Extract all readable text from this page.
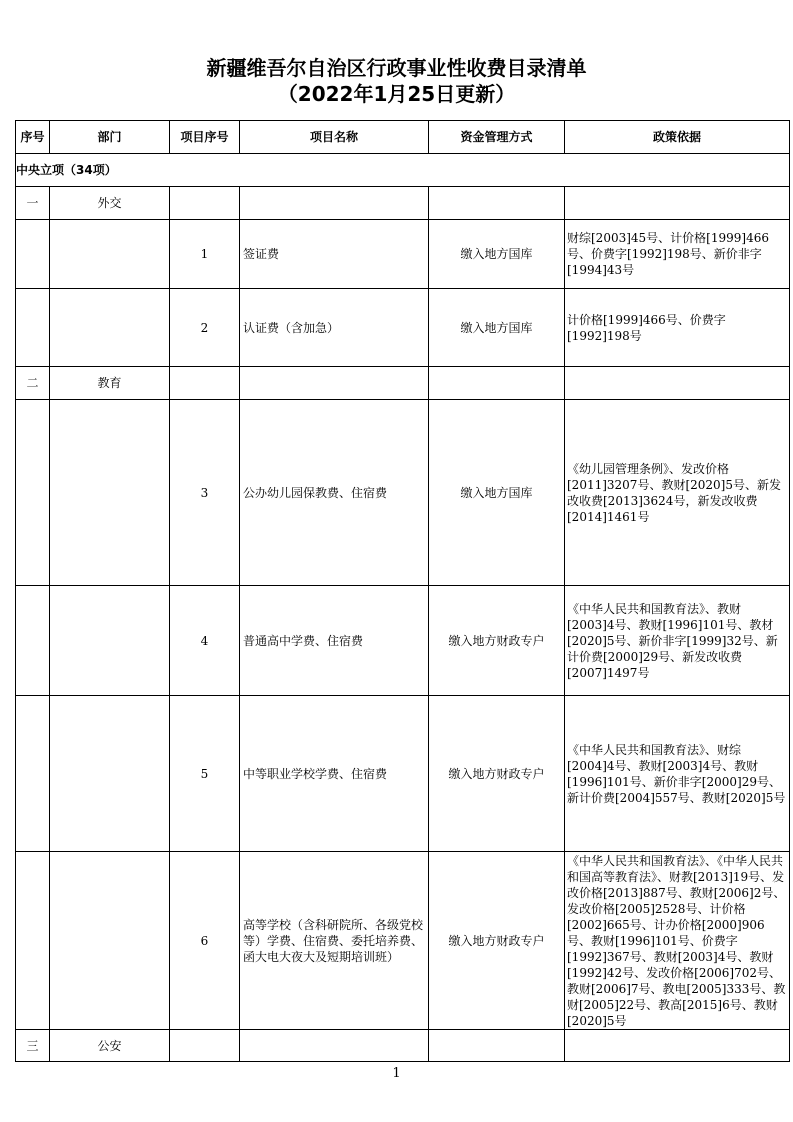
新疆维吾尔自治区行政事业性收费目录清单
（2022年1月25日更新）
序号	部门	项目序号	项目名称	资金管理方式	政策依据
中央立项（34项）					
一	外交				
		1	签证费	缴入地方国库	财综[2003]45号、计价格[1999]466号、价费字[1992]198号、新价非字[1994]43号
		2	认证费（含加急）	缴入地方国库	计价格[1999]466号、价费字[1992]198号
二	教育				
		3	公办幼儿园保教费、住宿费	缴入地方国库	《幼儿园管理条例》、发改价格[2011]3207号、教财[2020]5号、新发改收费[2013]3624号，新发改收费[2014]1461号
		4	普通高中学费、住宿费	缴入地方财政专户	《中华人民共和国教育法》、教财[2003]4号、教财[1996]101号、教材[2020]5号、新价非字[1999]32号、新计价费[2000]29号、新发改收费[2007]1497号
		5	中等职业学校学费、住宿费	缴入地方财政专户	《中华人民共和国教育法》、财综[2004]4号、教财[2003]4号、教财[1996]101号、新价非字[2000]29号、新计价费[2004]557号、教财[2020]5号
		6	高等学校（含科研院所、各级党校等）学费、住宿费、委托培养费、函大电大夜大及短期培训班）	缴入地方财政专户	《中华人民共和国教育法》、《中华人民共和国高等教育法》、财教[2013]19号、发改价格[2013]887号、教财[2006]2号、发改价格[2005]2528号、计价格[2002]665号、计办价格[2000]906号、教财[1996]101号、价费字[1992]367号、教财[2003]4号、教财[1992]42号、发改价格[2006]702号、教财[2006]7号、教电[2005]333号、教财[2005]22号、教高[2015]6号、教财[2020]5号
三	公安				
1
